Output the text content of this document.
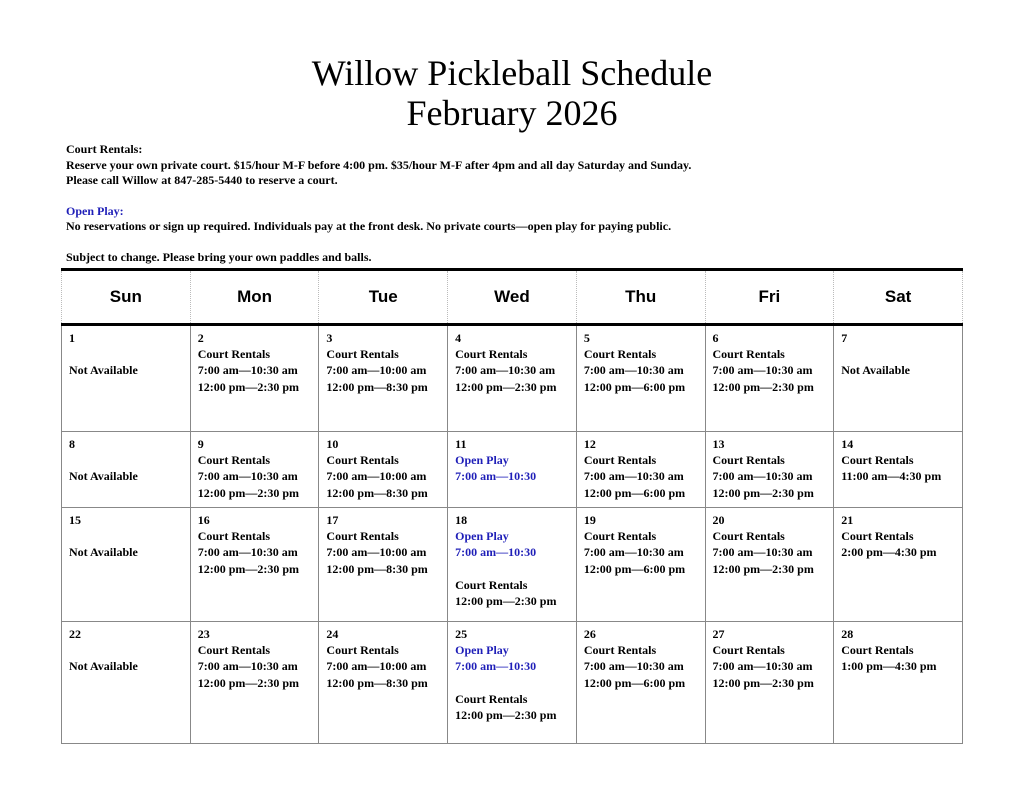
Willow Pickleball Schedule
February 2026

Court Rentals:

Reserve your own private court. $15/hour M-F before 4:00 pm. $35/hour M-F after 4pm and all day Saturday and Sunday.

Please call Willow at 847-285-5440 to reserve a court.

Open Play:

No reservations or sign up required. Individuals pay at the front desk. No private courts—open play for paying public.

Subject to change. Please bring your own paddles and balls.

Sun	Mon	Tue	Wed	Thu	Fri	Sat

1
Not Available	2
Court Rentals
7:00 am—10:30 am
12:00 pm—2:30 pm	3
Court Rentals
7:00 am—10:00 am
12:00 pm—8:30 pm	4
Court Rentals
7:00 am—10:30 am
12:00 pm—2:30 pm	5
Court Rentals
7:00 am—10:30 am
12:00 pm—6:00 pm	6
Court Rentals
7:00 am—10:30 am
12:00 pm—2:30 pm	7
Not Available

8
Not Available	9
Court Rentals
7:00 am—10:30 am
12:00 pm—2:30 pm	10
Court Rentals
7:00 am—10:00 am
12:00 pm—8:30 pm	11
Open Play
7:00 am—10:30	12
Court Rentals
7:00 am—10:30 am
12:00 pm—6:00 pm	13
Court Rentals
7:00 am—10:30 am
12:00 pm—2:30 pm	14
Court Rentals
11:00 am—4:30 pm

15
Not Available	16
Court Rentals
7:00 am—10:30 am
12:00 pm—2:30 pm	17
Court Rentals
7:00 am—10:00 am
12:00 pm—8:30 pm	18
Open Play
7:00 am—10:30
Court Rentals
12:00 pm—2:30 pm	19
Court Rentals
7:00 am—10:30 am
12:00 pm—6:00 pm	20
Court Rentals
7:00 am—10:30 am
12:00 pm—2:30 pm	21
Court Rentals
2:00 pm—4:30 pm

22
Not Available	23
Court Rentals
7:00 am—10:30 am
12:00 pm—2:30 pm	24
Court Rentals
7:00 am—10:00 am
12:00 pm—8:30 pm	25
Open Play
7:00 am—10:30
Court Rentals
12:00 pm—2:30 pm	26
Court Rentals
7:00 am—10:30 am
12:00 pm—6:00 pm	27
Court Rentals
7:00 am—10:30 am
12:00 pm—2:30 pm	28
Court Rentals
1:00 pm—4:30 pm
